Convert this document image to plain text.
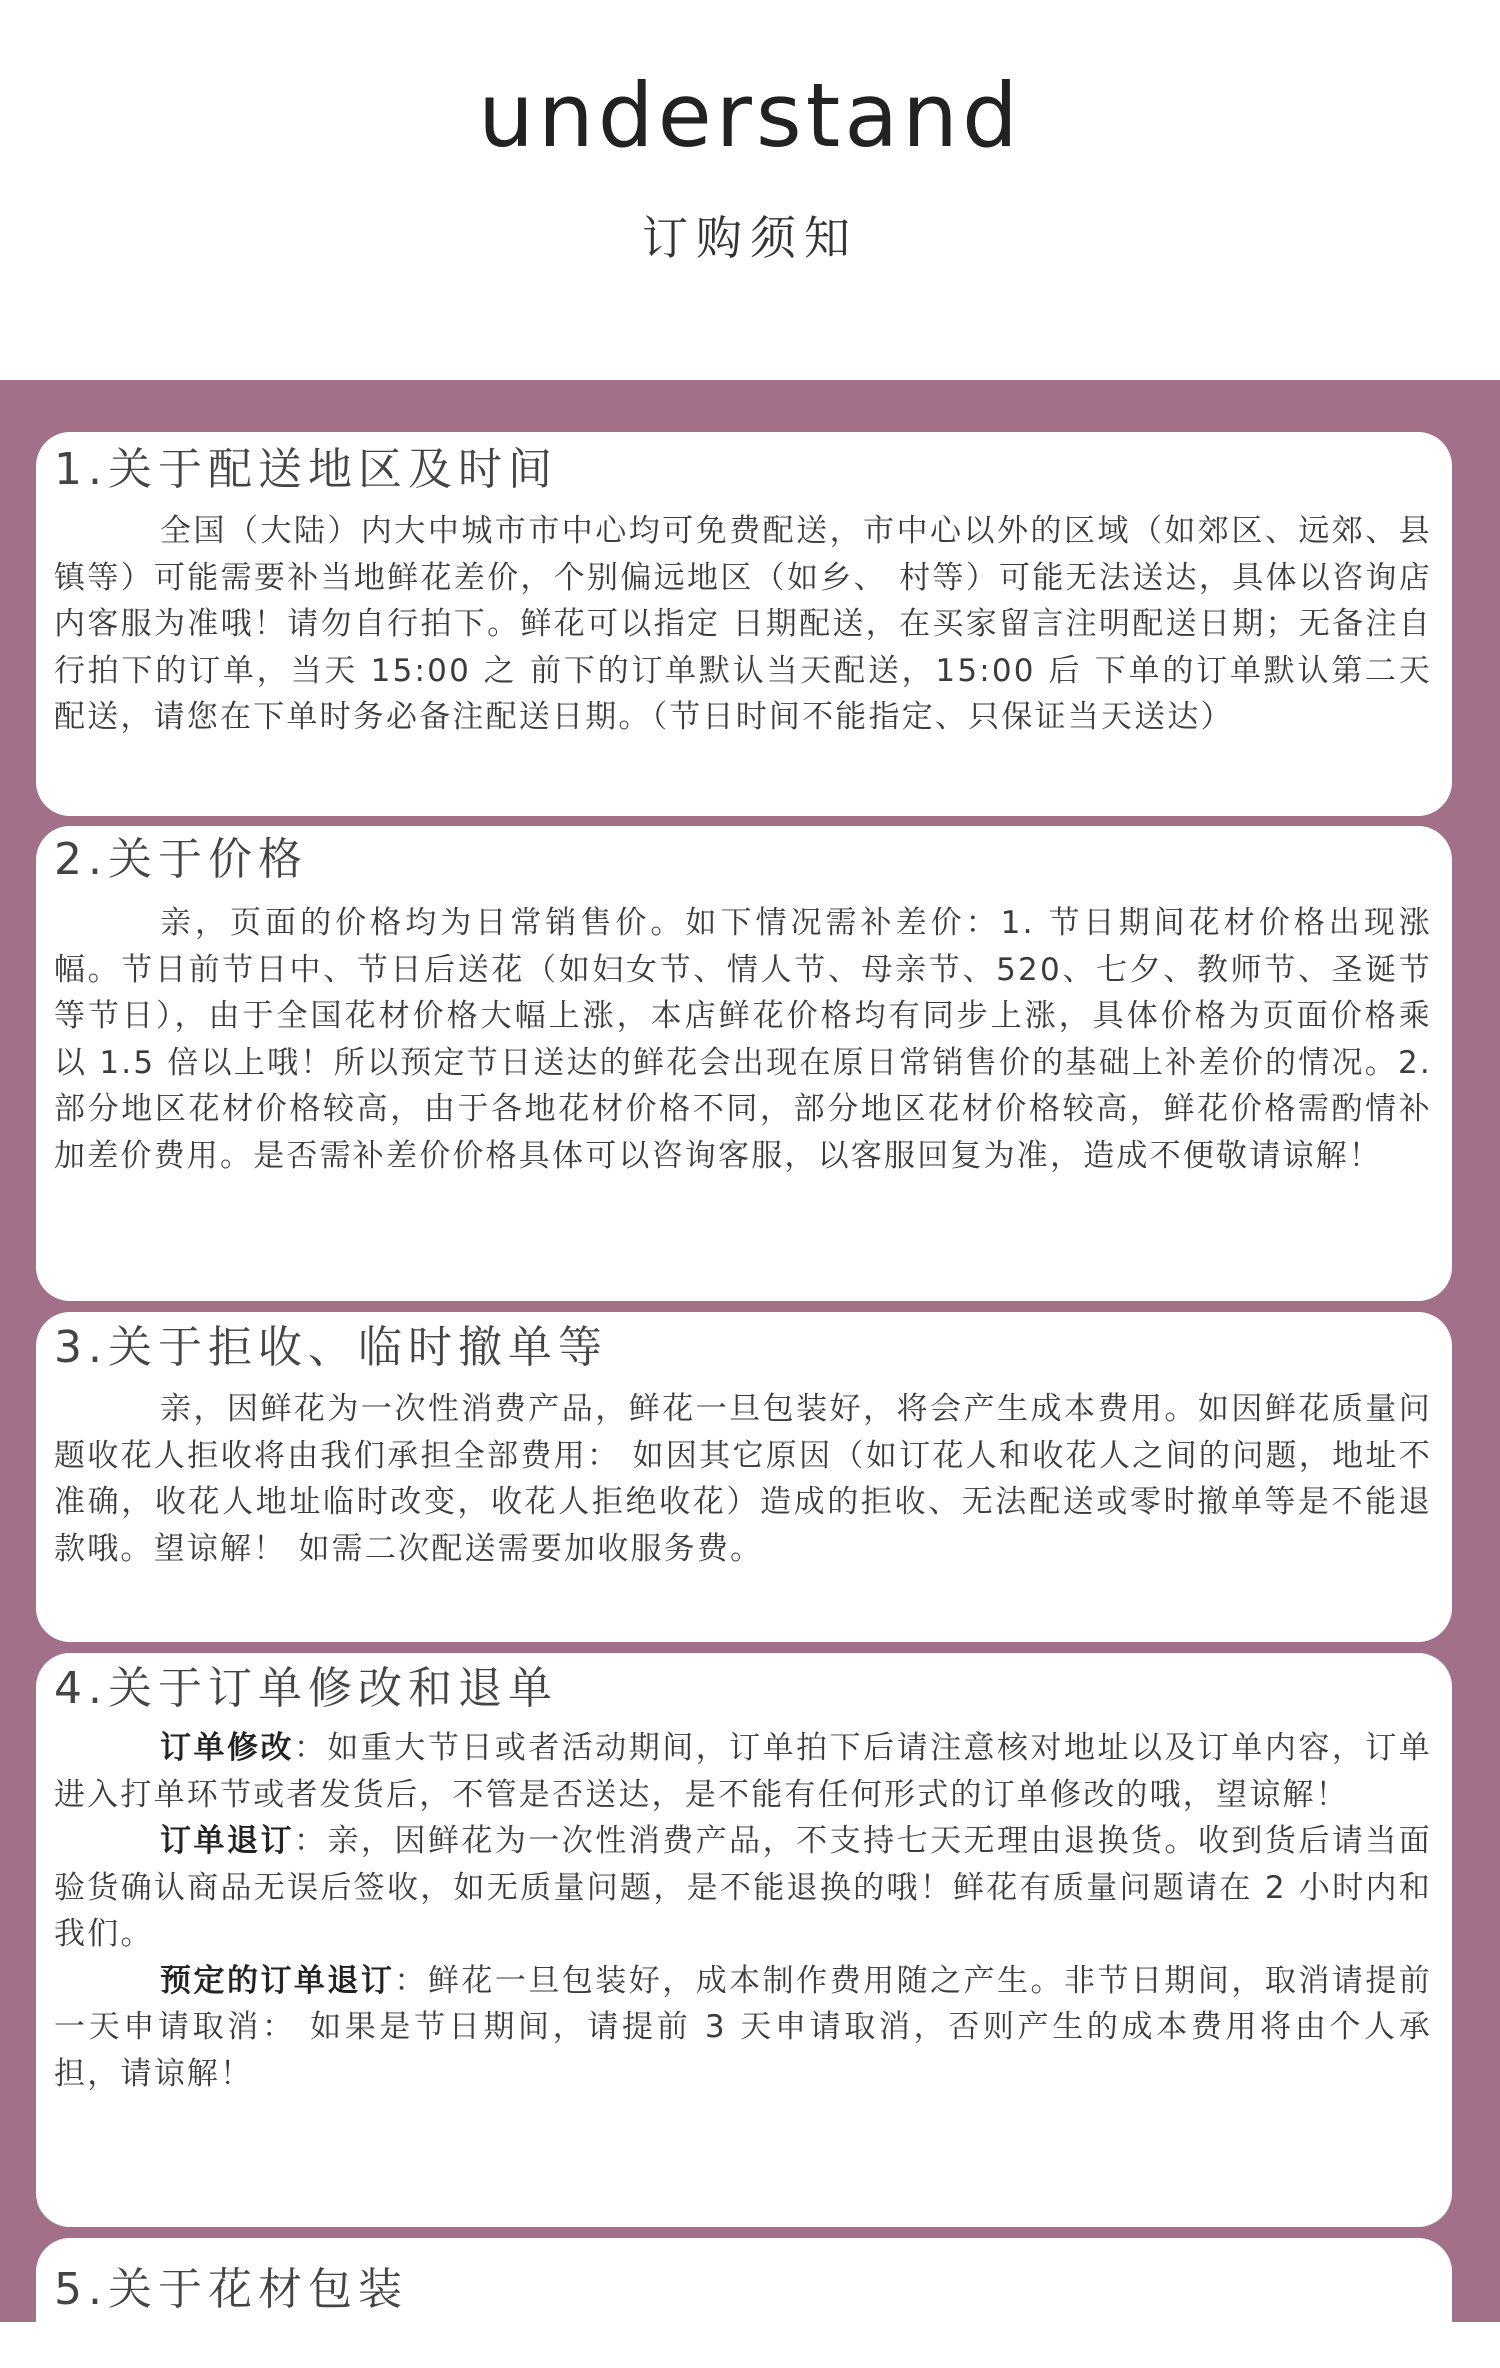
understand
订购须知
1.关于配送地区及时间

全国（大陆）内大中城市市中心均可免费配送，市中心以外的区域（如郊区、远郊、县镇等）可能需要补当地鲜花差价，个别偏远地区（如乡、 村等）可能无法送达，具体以咨询店内客服为准哦！请勿自行拍下。鲜花可以指定 日期配送，在买家留言注明配送日期；无备注自行拍下的订单，当天 15:00 之 前下的订单默认当天配送，15:00 后 下单的订单默认第二天配送，请您在下单时务必备注配送日期。（节日时间不能指定、只保证当天送达）

2.关于价格

亲，页面的价格均为日常销售价。如下情况需补差价：1. 节日期间花材价格出现涨幅。节日前节日中、节日后送花（如妇女节、情人节、母亲节、520、七夕、教师节、圣诞节等节日），由于全国花材价格大幅上涨，本店鲜花价格均有同步上涨，具体价格为页面价格乘以 1.5 倍以上哦！所以预定节日送达的鲜花会出现在原日常销售价的基础上补差价的情况。2. 部分地区花材价格较高，由于各地花材价格不同，部分地区花材价格较高，鲜花价格需酌情补加差价费用。是否需补差价价格具体可以咨询客服，以客服回复为准，造成不便敬请谅解！

3.关于拒收、临时撤单等

亲，因鲜花为一次性消费产品，鲜花一旦包装好，将会产生成本费用。如因鲜花质量问题收花人拒收将由我们承担全部费用： 如因其它原因（如订花人和收花人之间的问题，地址不准确，收花人地址临时改变，收花人拒绝收花）造成的拒收、无法配送或零时撤单等是不能退款哦。望谅解！ 如需二次配送需要加收服务费。

4.关于订单修改和退单

订单修改：如重大节日或者活动期间，订单拍下后请注意核对地址以及订单内容，订单进入打单环节或者发货后，不管是否送达，是不能有任何形式的订单修改的哦，望谅解！

订单退订：亲，因鲜花为一次性消费产品，不支持七天无理由退换货。收到货后请当面验货确认商品无误后签收，如无质量问题，是不能退换的哦！鲜花有质量问题请在 2 小时内和我们。

预定的订单退订：鲜花一旦包装好，成本制作费用随之产生。非节日期间，取消请提前一天申请取消： 如果是节日期间，请提前 3 天申请取消，否则产生的成本费用将由个人承担，请谅解！

5.关于花材包装
